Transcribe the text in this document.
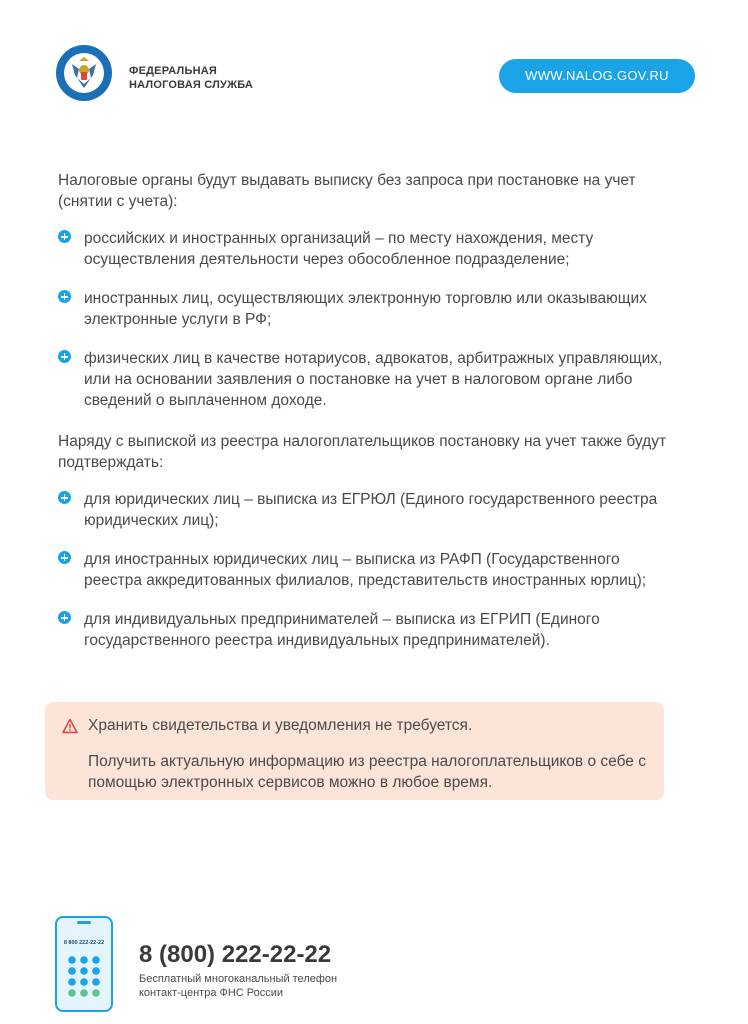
ФЕДЕРАЛЬНАЯ
НАЛОГОВАЯ СЛУЖБА
WWW.NALOG.GOV.RU

Налоговые органы будут выдавать выписку без запроса при постановке на учет (снятии с учета):

российских и иностранных организаций – по месту нахождения, месту осуществления деятельности через обособленное подразделение;
иностранных лиц, осуществляющих электронную торговлю или оказывающих электронные услуги в РФ;
физических лиц в качестве нотариусов, адвокатов, арбитражных управляющих, или на основании заявления о постановке на учет в налоговом органе либо сведений о выплаченном доходе.

Наряду с выпиской из реестра налогоплательщиков постановку на учет также будут подтверждать:

для юридических лиц – выписка из ЕГРЮЛ (Единого государственного реестра юридических лиц);
для иностранных юридических лиц – выписка из РАФП (Государственного реестра аккредитованных филиалов, представительств иностранных юрлиц);
для индивидуальных предпринимателей – выписка из ЕГРИП (Единого государственного реестра индивидуальных предпринимателей).
Хранить свидетельства и уведомления не требуется.
Получить актуальную информацию из реестра налогоплательщиков о себе с помощью электронных сервисов можно в любое время.
8 800 222-22-22 8 (800) 222-22-22
Бесплатный многоканальный телефон
контакт-центра ФНС России
